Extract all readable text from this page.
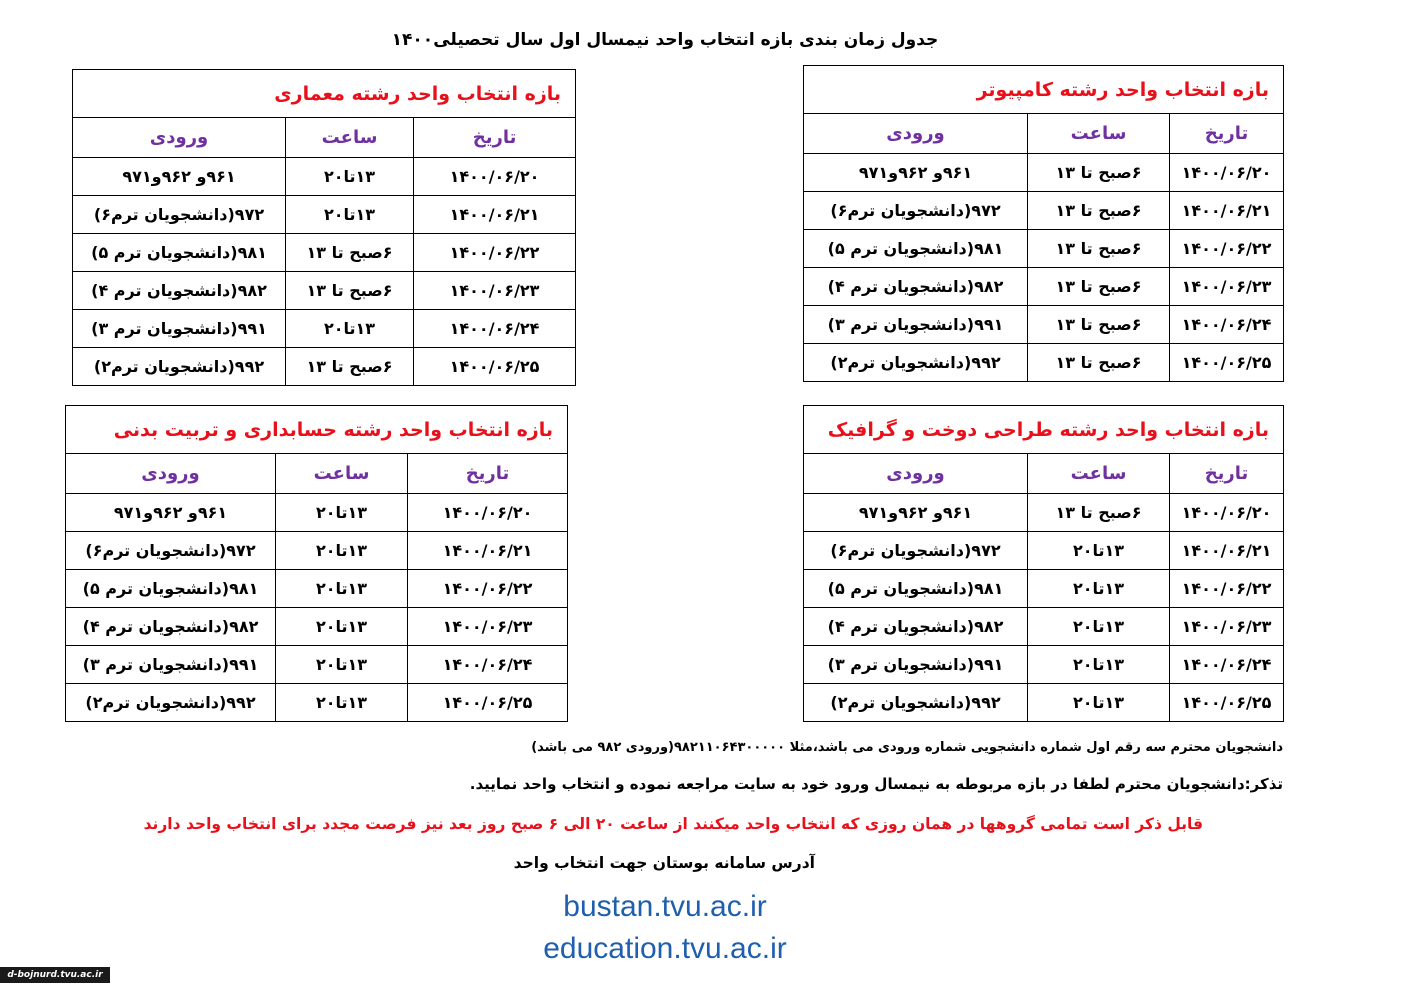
جدول زمان بندی بازه انتخاب واحد نیمسال اول سال تحصیلی۱۴۰۰
بازه انتخاب واحد رشته کامپیوتر		
تاریخ	ساعت	ورودی
۱۴۰۰/۰۶/۲۰	۶صبح تا ۱۳	۹۶۱و ۹۶۲و۹۷۱
۱۴۰۰/۰۶/۲۱	۶صبح تا ۱۳	۹۷۲(دانشجویان ترم۶)
۱۴۰۰/۰۶/۲۲	۶صبح تا ۱۳	۹۸۱(دانشجویان ترم ۵)
۱۴۰۰/۰۶/۲۳	۶صبح تا ۱۳	۹۸۲(دانشجویان ترم ۴)
۱۴۰۰/۰۶/۲۴	۶صبح تا ۱۳	۹۹۱(دانشجویان ترم ۳)
۱۴۰۰/۰۶/۲۵	۶صبح تا ۱۳	۹۹۲(دانشجویان ترم۲)
بازه انتخاب واحد رشته معماری		
تاریخ	ساعت	ورودی
۱۴۰۰/۰۶/۲۰	۱۳تا۲۰	۹۶۱و ۹۶۲و۹۷۱
۱۴۰۰/۰۶/۲۱	۱۳تا۲۰	۹۷۲(دانشجویان ترم۶)
۱۴۰۰/۰۶/۲۲	۶صبح تا ۱۳	۹۸۱(دانشجویان ترم ۵)
۱۴۰۰/۰۶/۲۳	۶صبح تا ۱۳	۹۸۲(دانشجویان ترم ۴)
۱۴۰۰/۰۶/۲۴	۱۳تا۲۰	۹۹۱(دانشجویان ترم ۳)
۱۴۰۰/۰۶/۲۵	۶صبح تا ۱۳	۹۹۲(دانشجویان ترم۲)
بازه انتخاب واحد رشته طراحی دوخت و گرافیک		
تاریخ	ساعت	ورودی
۱۴۰۰/۰۶/۲۰	۶صبح تا ۱۳	۹۶۱و ۹۶۲و۹۷۱
۱۴۰۰/۰۶/۲۱	۱۳تا۲۰	۹۷۲(دانشجویان ترم۶)
۱۴۰۰/۰۶/۲۲	۱۳تا۲۰	۹۸۱(دانشجویان ترم ۵)
۱۴۰۰/۰۶/۲۳	۱۳تا۲۰	۹۸۲(دانشجویان ترم ۴)
۱۴۰۰/۰۶/۲۴	۱۳تا۲۰	۹۹۱(دانشجویان ترم ۳)
۱۴۰۰/۰۶/۲۵	۱۳تا۲۰	۹۹۲(دانشجویان ترم۲)
بازه انتخاب واحد رشته حسابداری و تربیت بدنی		
تاریخ	ساعت	ورودی
۱۴۰۰/۰۶/۲۰	۱۳تا۲۰	۹۶۱و ۹۶۲و۹۷۱
۱۴۰۰/۰۶/۲۱	۱۳تا۲۰	۹۷۲(دانشجویان ترم۶)
۱۴۰۰/۰۶/۲۲	۱۳تا۲۰	۹۸۱(دانشجویان ترم ۵)
۱۴۰۰/۰۶/۲۳	۱۳تا۲۰	۹۸۲(دانشجویان ترم ۴)
۱۴۰۰/۰۶/۲۴	۱۳تا۲۰	۹۹۱(دانشجویان ترم ۳)
۱۴۰۰/۰۶/۲۵	۱۳تا۲۰	۹۹۲(دانشجویان ترم۲)
دانشجویان محترم سه رقم اول شماره دانشجویی شماره ورودی می باشد،مثلا ۹۸۲۱۱۰۶۴۳۰۰۰۰۰(ورودی ۹۸۲ می باشد)
تذکر:دانشجویان محترم لطفا در بازه مربوطه به نیمسال ورود خود به سایت مراجعه نموده و انتخاب واحد نمایید.
قابل ذکر است تمامی گروهها در همان روزی که انتخاب واحد میکنند از ساعت ۲۰ الی ۶ صبح روز بعد نیز فرصت مجدد برای انتخاب واحد دارند
آدرس سامانه بوستان جهت انتخاب واحد
bustan.tvu.ac.ir
education.tvu.ac.ir
d-bojnurd.tvu.ac.ir
